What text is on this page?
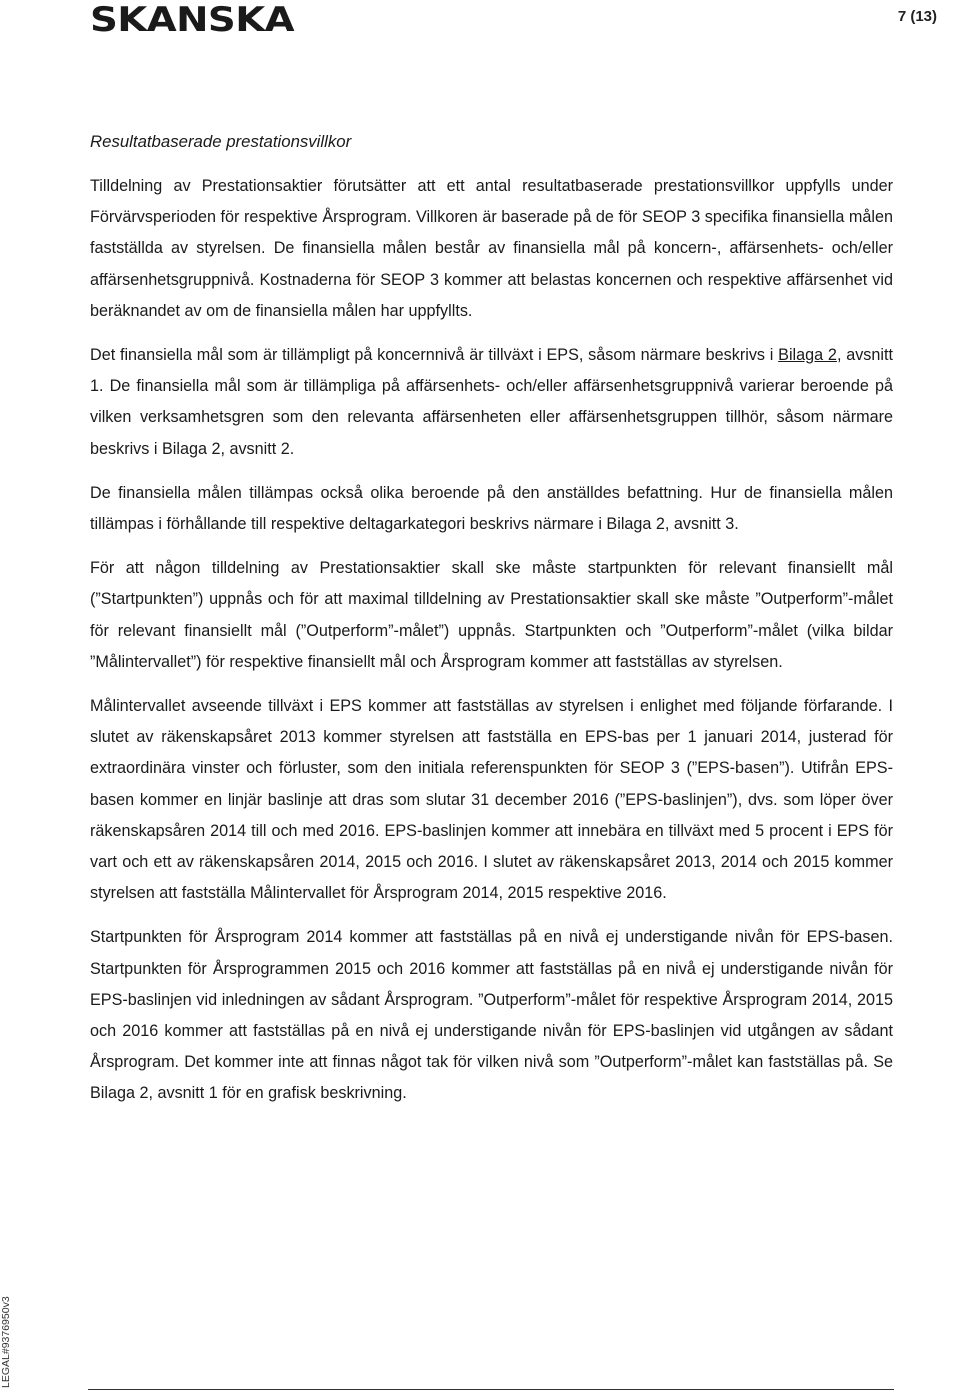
SKANSKA	7 (13)
LEGAL#9376950v3
Resultatbaserade prestationsvillkor

Tilldelning av Prestationsaktier förutsätter att ett antal resultatbaserade prestationsvillkor uppfylls under Förvärvsperioden för respektive Årsprogram. Villkoren är baserade på de för SEOP 3 specifika finansiella målen fastställda av styrelsen. De finansiella målen består av finansiella mål på koncern-, affärsenhets- och/eller affärsenhetsgruppnivå. Kostnaderna för SEOP 3 kommer att belastas koncernen och respektive affärsenhet vid beräknandet av om de finansiella målen har uppfyllts.

Det finansiella mål som är tillämpligt på koncernnivå är tillväxt i EPS, såsom närmare beskrivs i Bilaga 2, avsnitt 1. De finansiella mål som är tillämpliga på affärsenhets- och/eller affärsenhetsgruppnivå varierar beroende på vilken verksamhetsgren som den relevanta affärsenheten eller affärsenhetsgruppen tillhör, såsom närmare beskrivs i Bilaga 2, avsnitt 2.

De finansiella målen tillämpas också olika beroende på den anställdes befattning. Hur de finansiella målen tillämpas i förhållande till respektive deltagarkategori beskrivs närmare i Bilaga 2, avsnitt 3.

För att någon tilldelning av Prestationsaktier skall ske måste startpunkten för relevant finansiellt mål (”Startpunkten”) uppnås och för att maximal tilldelning av Prestationsaktier skall ske måste ”Outperform”-målet för relevant finansiellt mål (”Outperform”-målet”) uppnås. Startpunkten och ”Outperform”-målet (vilka bildar ”Målintervallet”) för respektive finansiellt mål och Årsprogram kommer att fastställas av styrelsen.

Målintervallet avseende tillväxt i EPS kommer att fastställas av styrelsen i enlighet med följande förfarande. I slutet av räkenskapsåret 2013 kommer styrelsen att fastställa en EPS-bas per 1 januari 2014, justerad för extraordinära vinster och förluster, som den initiala referenspunkten för SEOP 3 (”EPS-basen”). Utifrån EPS-basen kommer en linjär baslinje att dras som slutar 31 december 2016 (”EPS-baslinjen”), dvs. som löper över räkenskapsåren 2014 till och med 2016. EPS-baslinjen kommer att innebära en tillväxt med 5 procent i EPS för vart och ett av räkenskapsåren 2014, 2015 och 2016. I slutet av räkenskapsåret 2013, 2014 och 2015 kommer styrelsen att fastställa Målintervallet för Årsprogram 2014, 2015 respektive 2016.

Startpunkten för Årsprogram 2014 kommer att fastställas på en nivå ej understigande nivån för EPS-basen. Startpunkten för Årsprogrammen 2015 och 2016 kommer att fastställas på en nivå ej understigande nivån för EPS-baslinjen vid inledningen av sådant Årsprogram. ”Outperform”-målet för respektive Årsprogram 2014, 2015 och 2016 kommer att fastställas på en nivå ej understigande nivån för EPS-baslinjen vid utgången av sådant Årsprogram. Det kommer inte att finnas något tak för vilken nivå som ”Outperform”-målet kan fastställas på. Se Bilaga 2, avsnitt 1 för en grafisk beskrivning.
